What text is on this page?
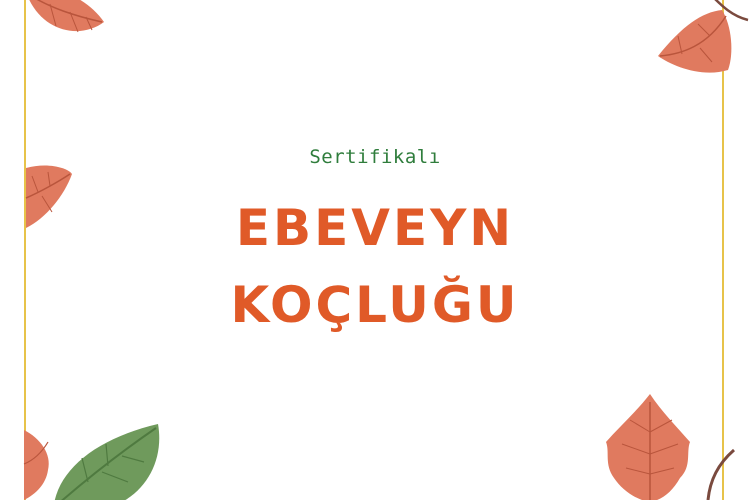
Sertifikalı
EBEVEYN
KOÇLUĞU
